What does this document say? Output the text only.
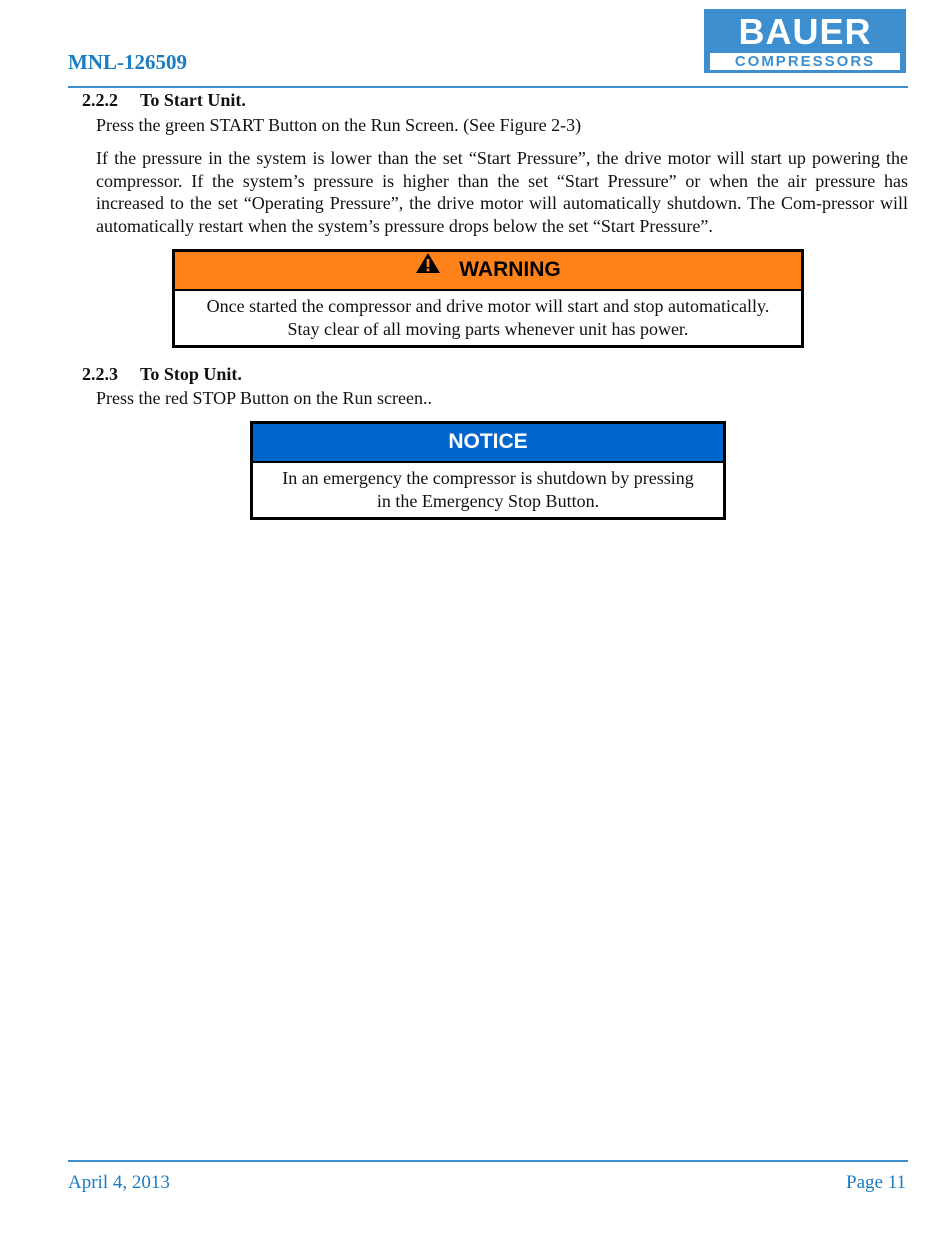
MNL-126509
BAUER
COMPRESSORS
2.2.2 To Start Unit.
Press the green START Button on the Run Screen. (See Figure 2-3)
If the pressure in the system is lower than the set “Start Pressure”, the drive motor will start up powering the compressor. If the system’s pressure is higher than the set “Start Pressure” or when the air pressure has increased to the set “Operating Pressure”, the drive motor will automatically shutdown. The Com-pressor will automatically restart when the system’s pressure drops below the set “Start Pressure”.
WARNING
Once started the compressor and drive motor will start and stop automatically.
Stay clear of all moving parts whenever unit has power.
2.2.3 To Stop Unit.
Press the red STOP Button on the Run screen..
NOTICE
In an emergency the compressor is shutdown by pressing
in the Emergency Stop Button.
April 4, 2013	Page 11
